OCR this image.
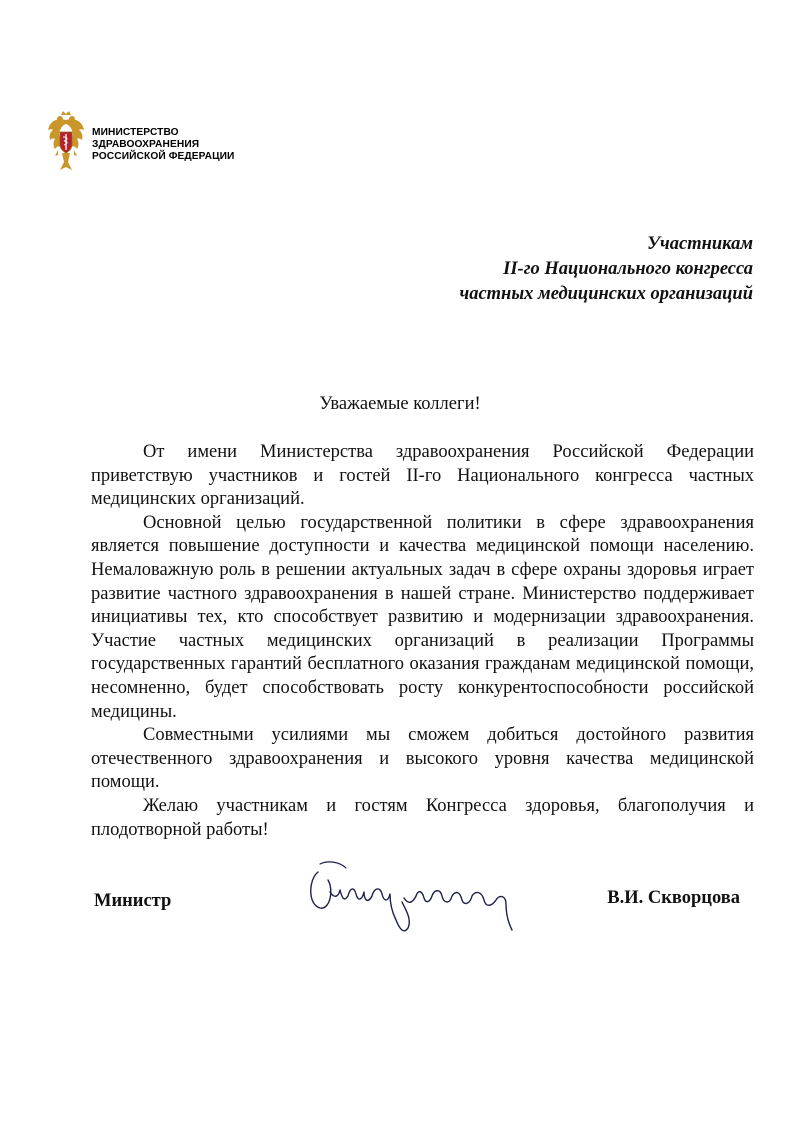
МИНИСТЕРСТВО
ЗДРАВООХРАНЕНИЯ
РОССИЙСКОЙ ФЕДЕРАЦИИ
Участникам
II-го Национального конгресса
частных медицинских организаций
Уважаемые коллеги!

От имени Министерства здравоохранения Российской Федерации приветствую участников и гостей II-го Национального конгресса частных медицинских организаций.

Основной целью государственной политики в сфере здравоохранения является повышение доступности и качества медицинской помощи населению. Немаловажную роль в решении актуальных задач в сфере охраны здоровья играет развитие частного здравоохранения в нашей стране. Министерство поддерживает инициативы тех, кто способствует развитию и модернизации здравоохранения. Участие частных медицинских организаций в реализации Программы государственных гарантий бесплатного оказания гражданам медицинской помощи, несомненно, будет способствовать росту конкурентоспособности российской медицины.

Совместными усилиями мы сможем добиться достойного развития отечественного здравоохранения и высокого уровня качества медицинской помощи.

Желаю участникам и гостям Конгресса здоровья, благополучия и плодотворной работы!

Министр	В.И. Скворцова
